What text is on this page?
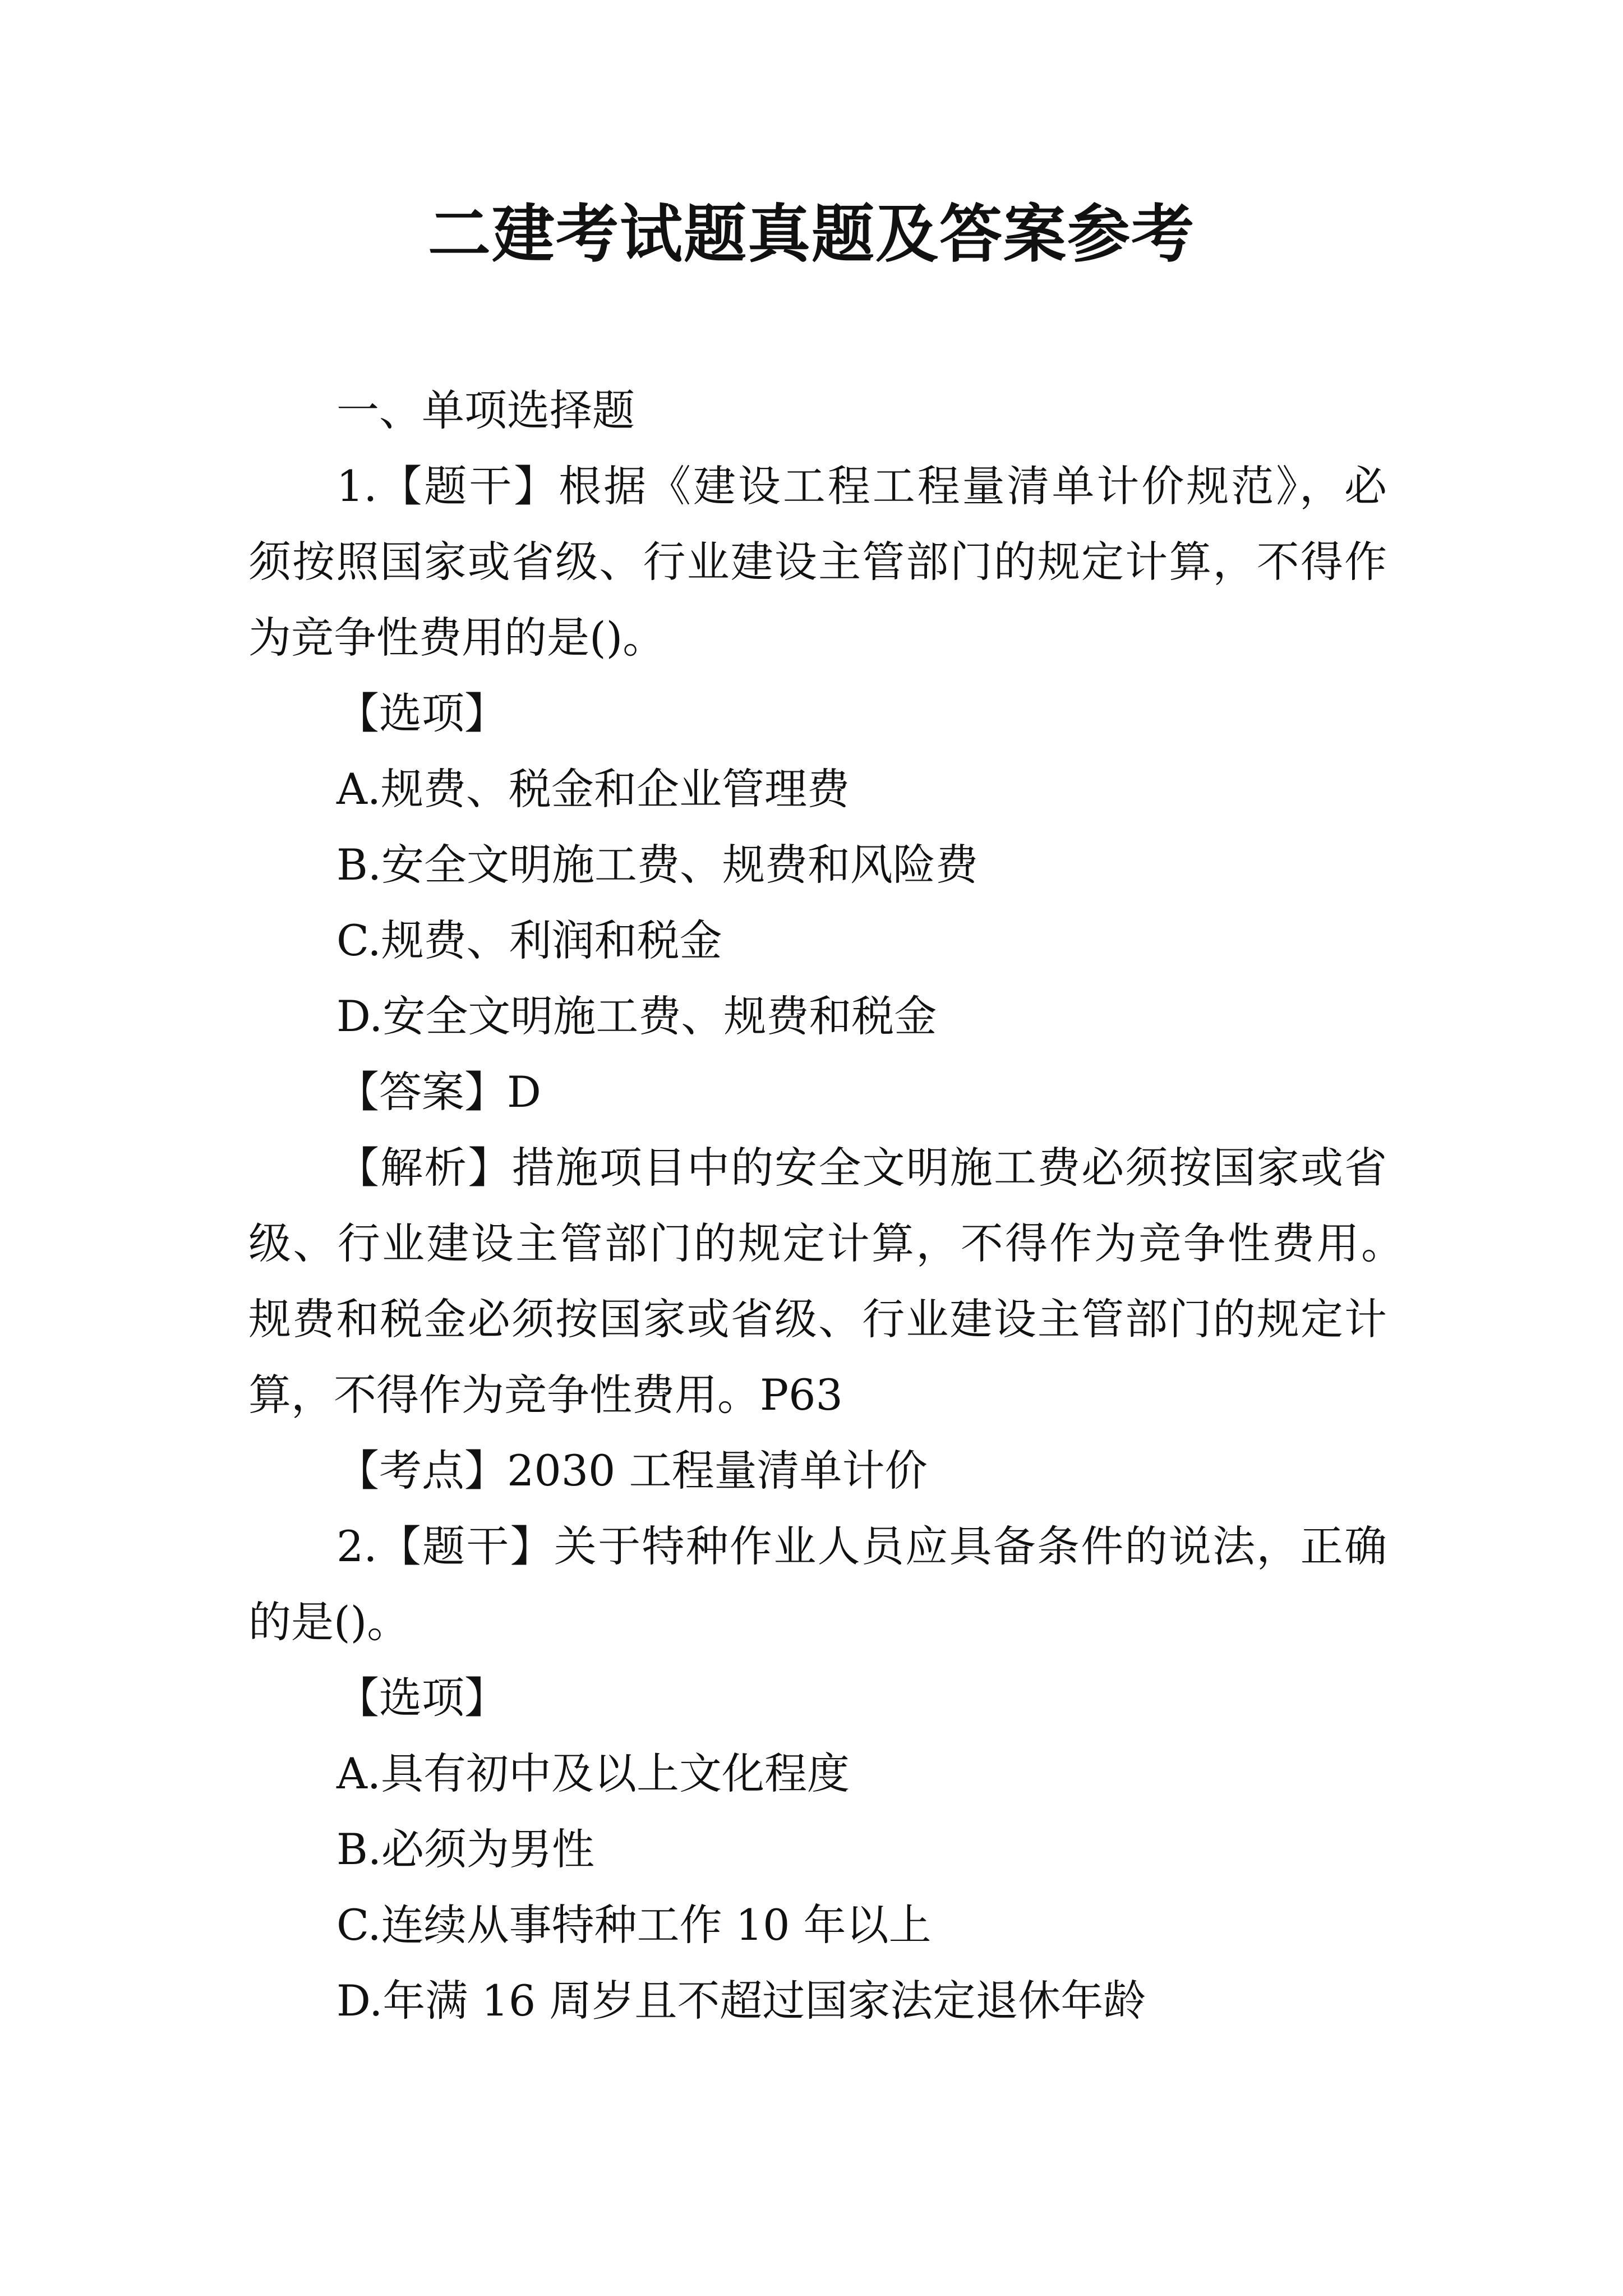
二建考试题真题及答案参考

一、单项选择题

1.【题干】根据《建设工程工程量清单计价规范》，必

须按照国家或省级、行业建设主管部门的规定计算，不得作

为竞争性费用的是()。

【选项】

A.规费、税金和企业管理费

B.安全文明施工费、规费和风险费

C.规费、利润和税金

D.安全文明施工费、规费和税金

【答案】D

【解析】措施项目中的安全文明施工费必须按国家或省

级、行业建设主管部门的规定计算，不得作为竞争性费用。

规费和税金必须按国家或省级、行业建设主管部门的规定计

算，不得作为竞争性费用。P63

【考点】2030 工程量清单计价

2.【题干】关于特种作业人员应具备条件的说法，正确

的是()。

【选项】

A.具有初中及以上文化程度

B.必须为男性

C.连续从事特种工作 10 年以上

D.年满 16 周岁且不超过国家法定退休年龄
